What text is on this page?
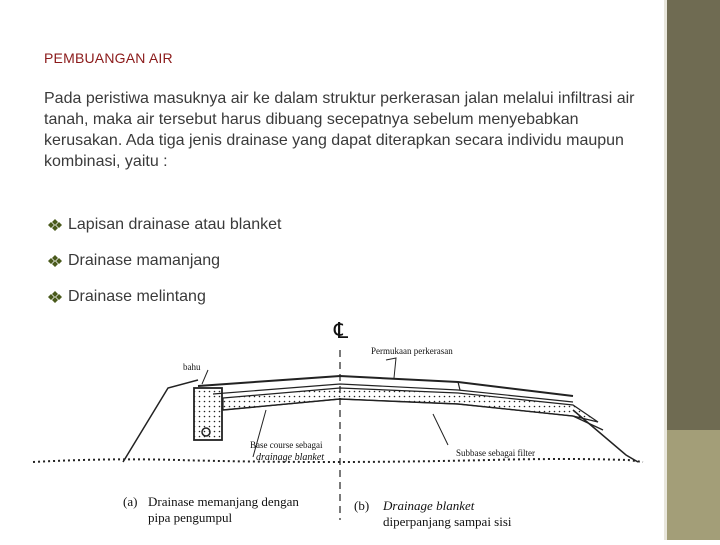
PEMBUANGAN AIR
Pada peristiwa masuknya air ke dalam struktur perkerasan jalan melalui infiltrasi air tanah, maka air tersebut harus dibuang secepatnya sebelum menyebabkan kerusakan. Ada tiga jenis drainase yang dapat diterapkan secara individu maupun kombinasi, yaitu :
Lapisan drainase atau blanket
Drainase mamanjang
Drainase melintang
℄
bahu
Permukaan perkerasan
Base course sebagai
drainage blanket	Subbase sebagai filter
(a) Drainase memanjang dengan
pipa pengumpul
(b) Drainage blanket
diperpanjang sampai sisi
